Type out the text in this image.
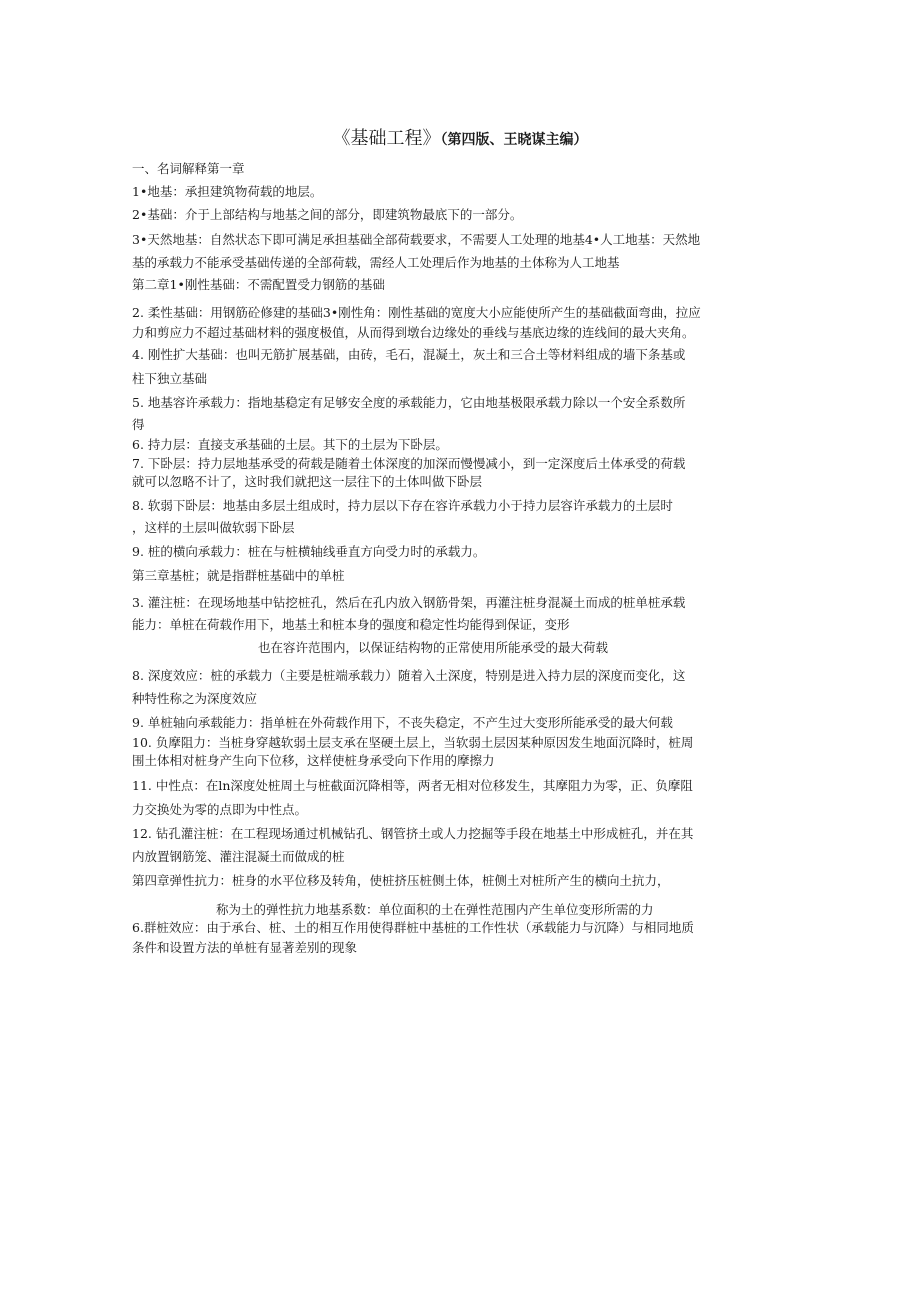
《基础工程》（第四版、王晓谋主编）
一、名词解释第一章
1•地基：承担建筑物荷载的地层。
2•基础：介于上部结构与地基之间的部分，即建筑物最底下的一部分。
3•天然地基：自然状态下即可满足承担基础全部荷载要求，不需要人工处理的地基4•人工地基：天然地
基的承载力不能承受基础传递的全部荷载，需经人工处理后作为地基的土体称为人工地基
第二章1•刚性基础：不需配置受力钢筋的基础
2. 柔性基础：用钢筋砼修建的基础3•刚性角：刚性基础的宽度大小应能使所产生的基础截面弯曲，拉应
力和剪应力不超过基础材料的强度极值，从而得到墩台边缘处的垂线与基底边缘的连线间的最大夹角。
4. 刚性扩大基础：也叫无筋扩展基础，由砖，毛石，混凝土，灰土和三合土等材料组成的墙下条基或
柱下独立基础
5. 地基容许承载力：指地基稳定有足够安全度的承载能力，它由地基极限承载力除以一个安全系数所
得
6. 持力层：直接支承基础的土层。其下的土层为下卧层。
7. 下卧层：持力层地基承受的荷载是随着土体深度的加深而慢慢减小，到一定深度后土体承受的荷载
就可以忽略不计了，这时我们就把这一层往下的土体叫做下卧层
8. 软弱下卧层：地基由多层土组成时，持力层以下存在容许承载力小于持力层容许承载力的土层时
，这样的土层叫做软弱下卧层
9. 桩的横向承载力：桩在与桩横轴线垂直方向受力时的承载力。
第三章基桩；就是指群桩基础中的单桩
3. 灌注桩：在现场地基中钻挖桩孔，然后在孔内放入钢筋骨架，再灌注桩身混凝土而成的桩单桩承载
能力：单桩在荷载作用下，地基土和桩本身的强度和稳定性均能得到保证，变形
也在容许范围内，以保证结构物的正常使用所能承受的最大荷载
8. 深度效应：桩的承载力（主要是桩端承载力）随着入土深度，特别是进入持力层的深度而变化，这
种特性称之为深度效应
9. 单桩轴向承载能力：指单桩在外荷载作用下，不丧失稳定，不产生过大变形所能承受的最大何载
10. 负摩阻力：当桩身穿越软弱土层支承在坚硬土层上，当软弱土层因某种原因发生地面沉降时，桩周
围土体相对桩身产生向下位移，这样使桩身承受向下作用的摩擦力
11. 中性点：在ln深度处桩周土与桩截面沉降相等，两者无相对位移发生，其摩阻力为零，正、负摩阻
力交换处为零的点即为中性点。
12. 钻孔灌注桩：在工程现场通过机械钻孔、钢管挤土或人力挖掘等手段在地基土中形成桩孔，并在其
内放置钢筋笼、灌注混凝土而做成的桩
第四章弹性抗力：桩身的水平位移及转角，使桩挤压桩侧土体，桩侧土对桩所产生的横向土抗力，
称为土的弹性抗力地基系数：单位面积的土在弹性范围内产生单位变形所需的力
6.群桩效应：由于承台、桩、土的相互作用使得群桩中基桩的工作性状（承载能力与沉降）与相同地质
条件和设置方法的单桩有显著差别的现象
